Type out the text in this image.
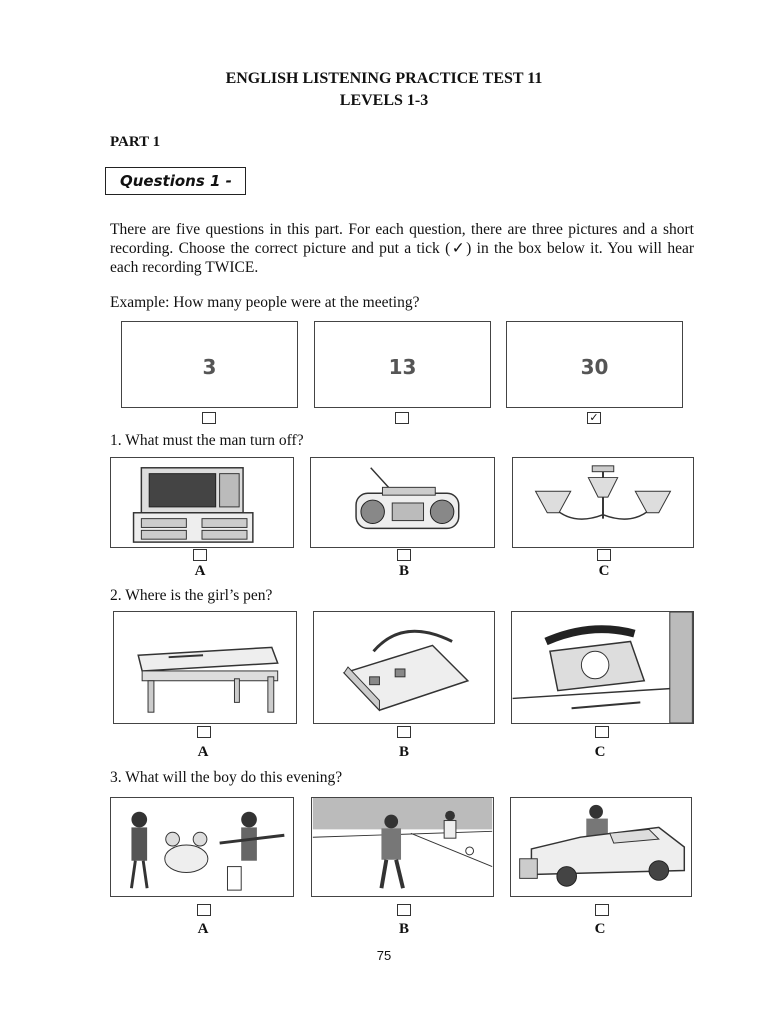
ENGLISH LISTENING PRACTICE TEST 11
LEVELS 1-3
PART 1
Questions 1 -
There are five questions in this part. For each question, there are three pictures and a short recording. Choose the correct picture and put a tick (✓) in the box below it. You will hear each recording TWICE.
Example: How many people were at the meeting?
3	13	30
✓
1. What must the man turn off?
A	B	C
2. Where is the girl’s pen?
A	B	C
3. What will the boy do this evening?
A	B	C
75
